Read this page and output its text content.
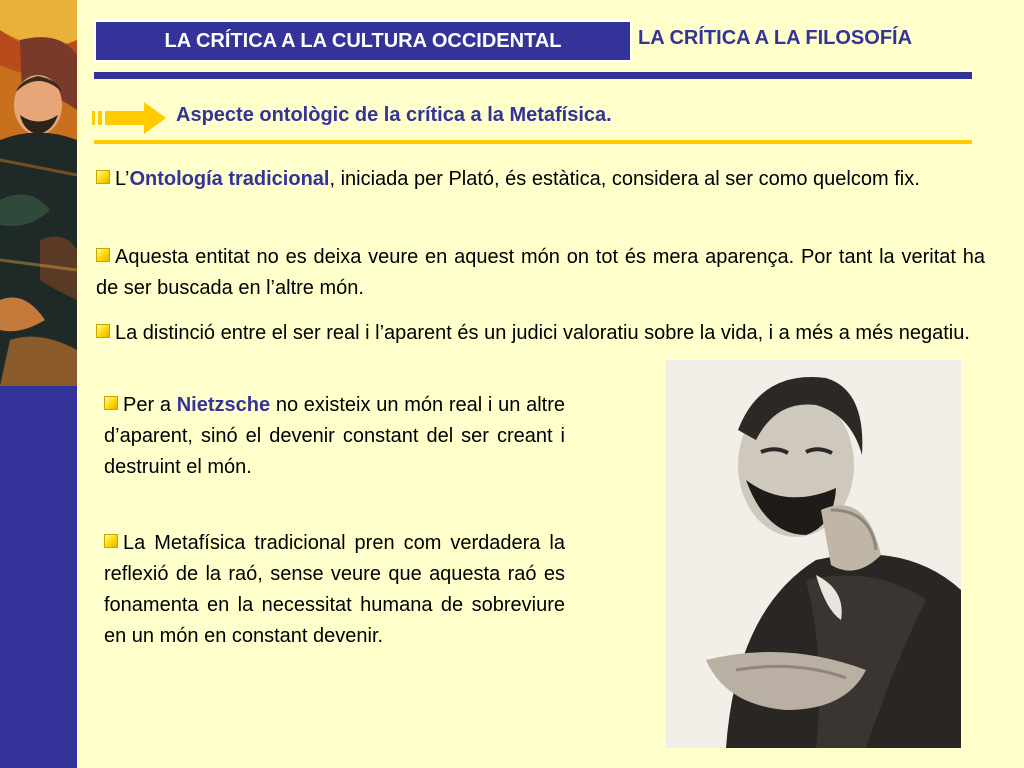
LA CRÍTICA A LA CULTURA OCCIDENTAL	LA CRÍTICA A LA FILOSOFÍA
Aspecte ontològic de la crítica a la Metafísica.

L’Ontología tradicional, iniciada per Plató, és estàtica, considera al ser como quelcom fix.

Aquesta entitat no es deixa veure en aquest món on tot és mera aparença. Por tant la veritat ha de ser buscada en l’altre món.

La distinció entre el ser real i l’aparent és un judici valoratiu sobre la vida, i a més a més negatiu.

Per a Nietzsche no existeix un món real i un altre d’aparent, sinó el devenir constant del ser creant i destruint el món.

La Metafísica tradicional pren com verdadera la reflexió de la raó, sense veure que aquesta raó es fonamenta en la necessitat humana de sobreviure en un món en constant devenir.
